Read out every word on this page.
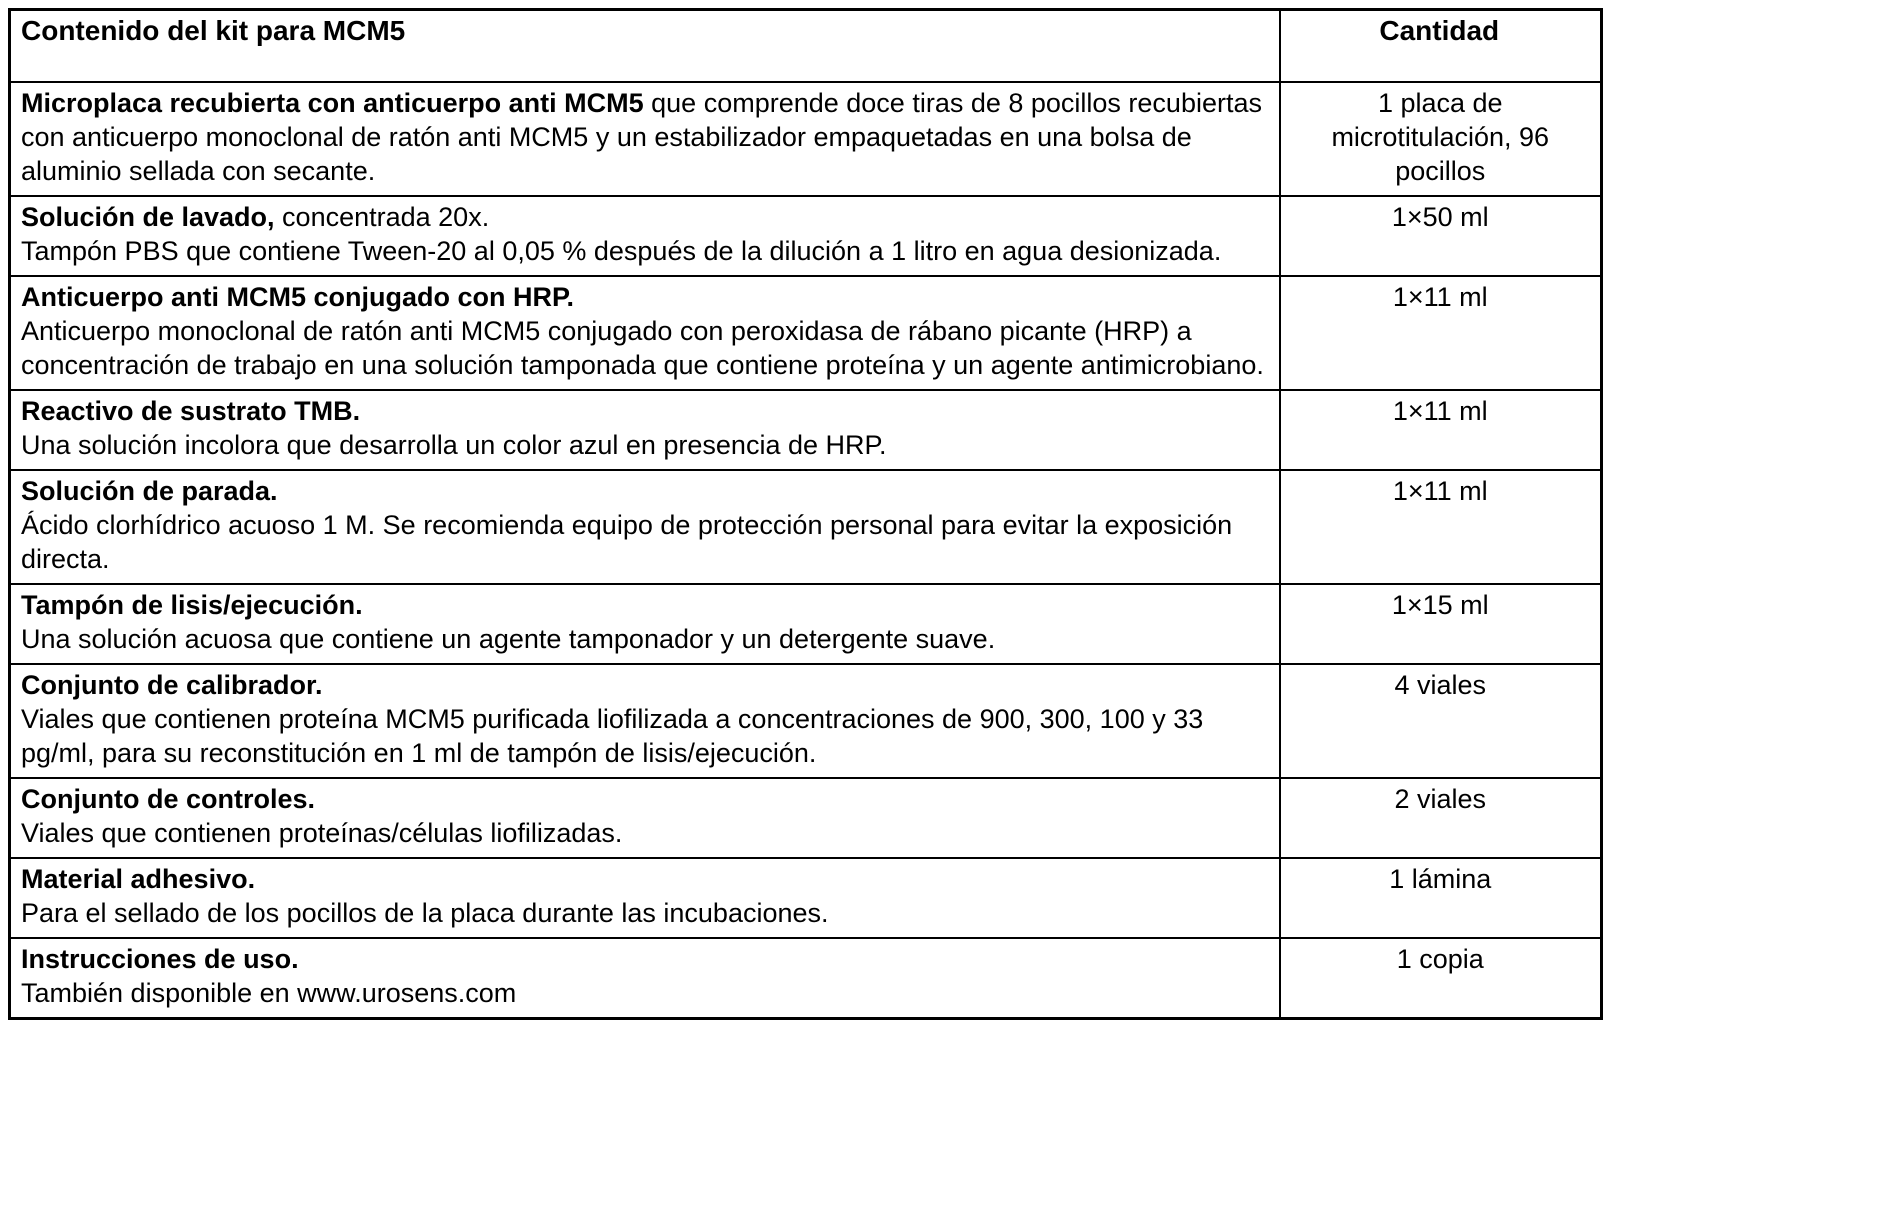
Contenido del kit para MCM5	Cantidad
Microplaca recubierta con anticuerpo anti MCM5 que comprende doce tiras de 8 pocillos recubiertas con anticuerpo monoclonal de ratón anti MCM5 y un estabilizador empaquetadas en una bolsa de aluminio sellada con secante.	1 placa de microtitulación, 96 pocillos
Solución de lavado, concentrada 20x.
Tampón PBS que contiene Tween-20 al 0,05 % después de la dilución a 1 litro en agua desionizada.	1×50 ml
Anticuerpo anti MCM5 conjugado con HRP.
Anticuerpo monoclonal de ratón anti MCM5 conjugado con peroxidasa de rábano picante (HRP) a concentración de trabajo en una solución tamponada que contiene proteína y un agente antimicrobiano.	1×11 ml
Reactivo de sustrato TMB.
Una solución incolora que desarrolla un color azul en presencia de HRP.	1×11 ml
Solución de parada.
Ácido clorhídrico acuoso 1 M. Se recomienda equipo de protección personal para evitar la exposición directa.	1×11 ml
Tampón de lisis/ejecución.
Una solución acuosa que contiene un agente tamponador y un detergente suave.	1×15 ml
Conjunto de calibrador.
Viales que contienen proteína MCM5 purificada liofilizada a concentraciones de 900, 300, 100 y 33 pg/ml, para su reconstitución en 1 ml de tampón de lisis/ejecución.	4 viales
Conjunto de controles.
Viales que contienen proteínas/células liofilizadas.	2 viales
Material adhesivo.
Para el sellado de los pocillos de la placa durante las incubaciones.	1 lámina
Instrucciones de uso.
También disponible en www.urosens.com	1 copia
